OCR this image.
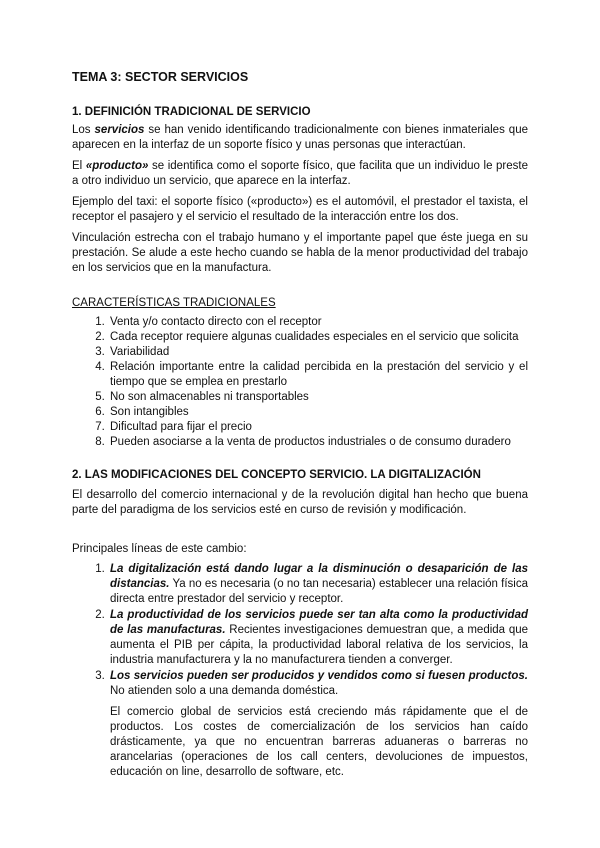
TEMA 3: SECTOR SERVICIOS
1. DEFINICIÓN TRADICIONAL DE SERVICIO

Los servicios se han venido identificando tradicionalmente con bienes inmateriales que aparecen en la interfaz de un soporte físico y unas personas que interactúan.

El «producto» se identifica como el soporte físico, que facilita que un individuo le preste a otro individuo un servicio, que aparece en la interfaz.

Ejemplo del taxi: el soporte físico («producto») es el automóvil, el prestador el taxista, el receptor el pasajero y el servicio el resultado de la interacción entre los dos.

Vinculación estrecha con el trabajo humano y el importante papel que éste juega en su prestación. Se alude a este hecho cuando se habla de la menor productividad del trabajo en los servicios que en la manufactura.

CARACTERÍSTICAS TRADICIONALES
1. Venta y/o contacto directo con el receptor
2. Cada receptor requiere algunas cualidades especiales en el servicio que solicita
3. Variabilidad
4. Relación importante entre la calidad percibida en la prestación del servicio y el tiempo que se emplea en prestarlo
5. No son almacenables ni transportables
6. Son intangibles
7. Dificultad para fijar el precio
8. Pueden asociarse a la venta de productos industriales o de consumo duradero
2. LAS MODIFICACIONES DEL CONCEPTO SERVICIO. LA DIGITALIZACIÓN

El desarrollo del comercio internacional y de la revolución digital han hecho que buena parte del paradigma de los servicios esté en curso de revisión y modificación.

Principales líneas de este cambio:

1. La digitalización está dando lugar a la disminución o desaparición de las distancias. Ya no es necesaria (o no tan necesaria) establecer una relación física directa entre prestador del servicio y receptor.
2. La productividad de los servicios puede ser tan alta como la productividad de las manufacturas. Recientes investigaciones demuestran que, a medida que aumenta el PIB per cápita, la productividad laboral relativa de los servicios, la industria manufacturera y la no manufacturera tienden a converger.
3. Los servicios pueden ser producidos y vendidos como si fuesen productos. No atienden solo a una demanda doméstica.
El comercio global de servicios está creciendo más rápidamente que el de productos. Los costes de comercialización de los servicios han caído drásticamente, ya que no encuentran barreras aduaneras o barreras no arancelarias (operaciones de los call centers, devoluciones de impuestos, educación on line, desarrollo de software, etc.
